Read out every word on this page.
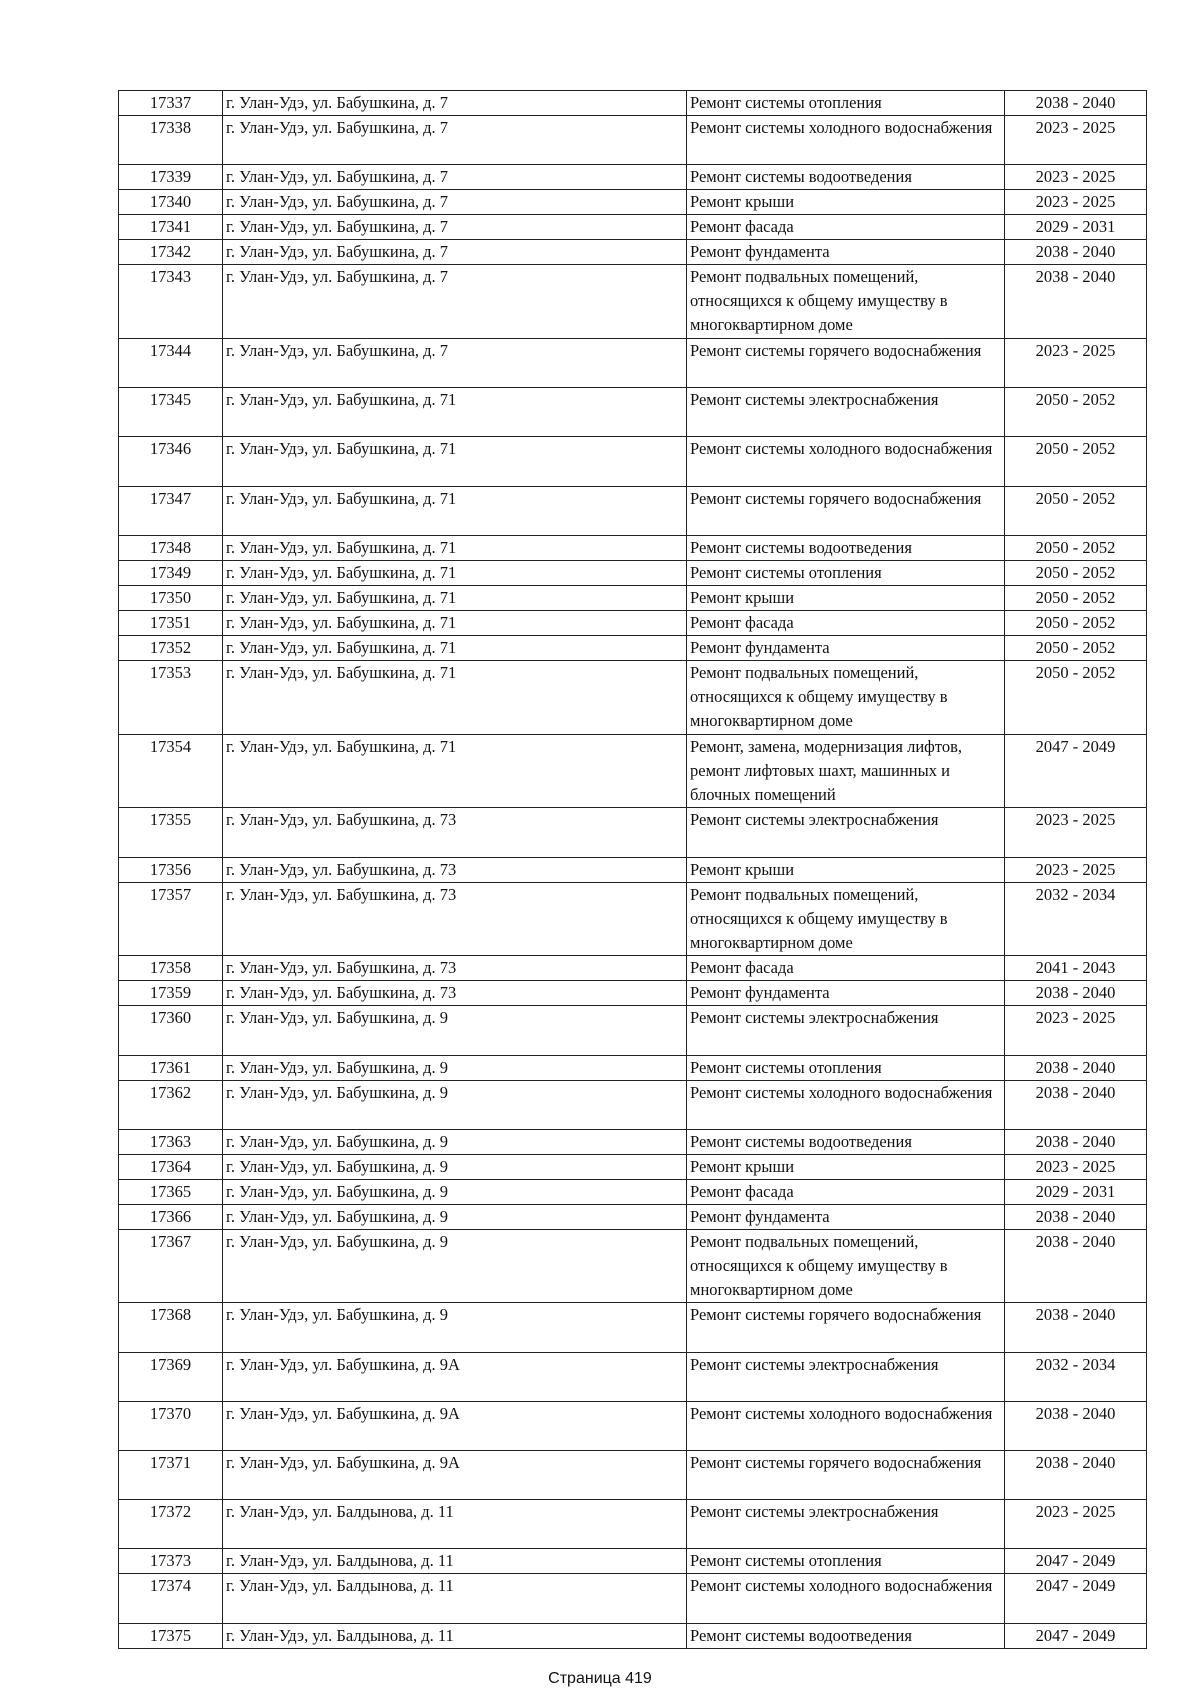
17337	г. Улан-Удэ, ул. Бабушкина, д. 7	Ремонт системы отопления	2038 - 2040
17338	г. Улан-Удэ, ул. Бабушкина, д. 7	Ремонт системы холодного водоснабжения	2023 - 2025
17339	г. Улан-Удэ, ул. Бабушкина, д. 7	Ремонт системы водоотведения	2023 - 2025
17340	г. Улан-Удэ, ул. Бабушкина, д. 7	Ремонт крыши	2023 - 2025
17341	г. Улан-Удэ, ул. Бабушкина, д. 7	Ремонт фасада	2029 - 2031
17342	г. Улан-Удэ, ул. Бабушкина, д. 7	Ремонт фундамента	2038 - 2040
17343	г. Улан-Удэ, ул. Бабушкина, д. 7	Ремонт подвальных помещений, относящихся к общему имуществу в многоквартирном доме	2038 - 2040
17344	г. Улан-Удэ, ул. Бабушкина, д. 7	Ремонт системы горячего водоснабжения	2023 - 2025
17345	г. Улан-Удэ, ул. Бабушкина, д. 71	Ремонт системы электроснабжения	2050 - 2052
17346	г. Улан-Удэ, ул. Бабушкина, д. 71	Ремонт системы холодного водоснабжения	2050 - 2052
17347	г. Улан-Удэ, ул. Бабушкина, д. 71	Ремонт системы горячего водоснабжения	2050 - 2052
17348	г. Улан-Удэ, ул. Бабушкина, д. 71	Ремонт системы водоотведения	2050 - 2052
17349	г. Улан-Удэ, ул. Бабушкина, д. 71	Ремонт системы отопления	2050 - 2052
17350	г. Улан-Удэ, ул. Бабушкина, д. 71	Ремонт крыши	2050 - 2052
17351	г. Улан-Удэ, ул. Бабушкина, д. 71	Ремонт фасада	2050 - 2052
17352	г. Улан-Удэ, ул. Бабушкина, д. 71	Ремонт фундамента	2050 - 2052
17353	г. Улан-Удэ, ул. Бабушкина, д. 71	Ремонт подвальных помещений, относящихся к общему имуществу в многоквартирном доме	2050 - 2052
17354	г. Улан-Удэ, ул. Бабушкина, д. 71	Ремонт, замена, модернизация лифтов, ремонт лифтовых шахт, машинных и блочных помещений	2047 - 2049
17355	г. Улан-Удэ, ул. Бабушкина, д. 73	Ремонт системы электроснабжения	2023 - 2025
17356	г. Улан-Удэ, ул. Бабушкина, д. 73	Ремонт крыши	2023 - 2025
17357	г. Улан-Удэ, ул. Бабушкина, д. 73	Ремонт подвальных помещений, относящихся к общему имуществу в многоквартирном доме	2032 - 2034
17358	г. Улан-Удэ, ул. Бабушкина, д. 73	Ремонт фасада	2041 - 2043
17359	г. Улан-Удэ, ул. Бабушкина, д. 73	Ремонт фундамента	2038 - 2040
17360	г. Улан-Удэ, ул. Бабушкина, д. 9	Ремонт системы электроснабжения	2023 - 2025
17361	г. Улан-Удэ, ул. Бабушкина, д. 9	Ремонт системы отопления	2038 - 2040
17362	г. Улан-Удэ, ул. Бабушкина, д. 9	Ремонт системы холодного водоснабжения	2038 - 2040
17363	г. Улан-Удэ, ул. Бабушкина, д. 9	Ремонт системы водоотведения	2038 - 2040
17364	г. Улан-Удэ, ул. Бабушкина, д. 9	Ремонт крыши	2023 - 2025
17365	г. Улан-Удэ, ул. Бабушкина, д. 9	Ремонт фасада	2029 - 2031
17366	г. Улан-Удэ, ул. Бабушкина, д. 9	Ремонт фундамента	2038 - 2040
17367	г. Улан-Удэ, ул. Бабушкина, д. 9	Ремонт подвальных помещений, относящихся к общему имуществу в многоквартирном доме	2038 - 2040
17368	г. Улан-Удэ, ул. Бабушкина, д. 9	Ремонт системы горячего водоснабжения	2038 - 2040
17369	г. Улан-Удэ, ул. Бабушкина, д. 9А	Ремонт системы электроснабжения	2032 - 2034
17370	г. Улан-Удэ, ул. Бабушкина, д. 9А	Ремонт системы холодного водоснабжения	2038 - 2040
17371	г. Улан-Удэ, ул. Бабушкина, д. 9А	Ремонт системы горячего водоснабжения	2038 - 2040
17372	г. Улан-Удэ, ул. Балдынова, д. 11	Ремонт системы электроснабжения	2023 - 2025
17373	г. Улан-Удэ, ул. Балдынова, д. 11	Ремонт системы отопления	2047 - 2049
17374	г. Улан-Удэ, ул. Балдынова, д. 11	Ремонт системы холодного водоснабжения	2047 - 2049
17375	г. Улан-Удэ, ул. Балдынова, д. 11	Ремонт системы водоотведения	2047 - 2049
Страница 419
